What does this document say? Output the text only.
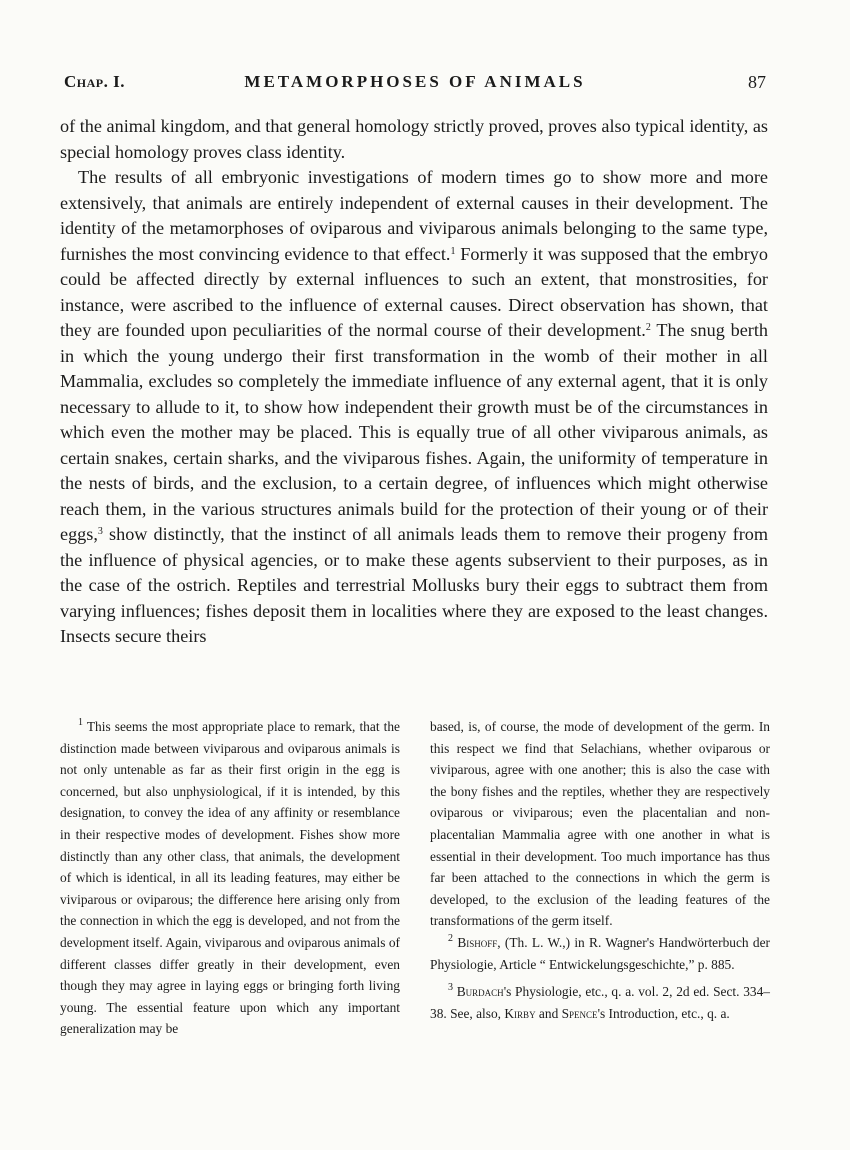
METAMORPHOSES OF ANIMALS
Chap. I.	87

of the animal kingdom, and that general homology strictly proved, proves also typical identity, as special homology proves class identity.

The results of all embryonic investigations of modern times go to show more and more extensively, that animals are entirely independent of external causes in their development. The identity of the metamorphoses of oviparous and viviparous animals belonging to the same type, furnishes the most convincing evidence to that effect.$^1$ Formerly it was supposed that the embryo could be affected directly by external influences to such an extent, that monstrosities, for instance, were ascribed to the influence of external causes. Direct observation has shown, that they are founded upon peculiarities of the normal course of their development.$^2$ The snug berth in which the young undergo their first transformation in the womb of their mother in all Mammalia, excludes so completely the immediate influence of any external agent, that it is only necessary to allude to it, to show how independent their growth must be of the circumstances in which even the mother may be placed. This is equally true of all other viviparous animals, as certain snakes, certain sharks, and the viviparous fishes. Again, the uniformity of temperature in the nests of birds, and the exclusion, to a certain degree, of influences which might otherwise reach them, in the various structures animals build for the protection of their young or of their eggs,$^3$ show distinctly, that the instinct of all animals leads them to remove their progeny from the influence of physical agencies, or to make these agents subservient to their purposes, as in the case of the ostrich. Reptiles and terrestrial Mollusks bury their eggs to subtract them from varying influences; fishes deposit them in localities where they are exposed to the least changes. Insects secure theirs

$^1$ This seems the most appropriate place to remark, that the distinction made between viviparous and oviparous animals is not only untenable as far as their first origin in the egg is concerned, but also unphysiological, if it is intended, by this designation, to convey the idea of any affinity or resemblance in their respective modes of development. Fishes show more distinctly than any other class, that animals, the development of which is identical, in all its leading features, may either be viviparous or oviparous; the difference here arising only from the connection in which the egg is developed, and not from the development itself. Again, viviparous and oviparous animals of different classes differ greatly in their development, even though they may agree in laying eggs or bringing forth living young. The essential feature upon which any important generalization may be

based, is, of course, the mode of development of the germ. In this respect we find that Selachians, whether oviparous or viviparous, agree with one another; this is also the case with the bony fishes and the reptiles, whether they are respectively oviparous or viviparous; even the placentalian and non-placentalian Mammalia agree with one another in what is essential in their development. Too much importance has thus far been attached to the connections in which the germ is developed, to the exclusion of the leading features of the transformations of the germ itself.

$^2$ Bishoff, (Th. L. W.,) in R. Wagner's Handwörterbuch der Physiologie, Article “ Entwickelungsgeschichte,” p. 885.

$^3$ Burdach's Physiologie, etc., q. a. vol. 2, 2d ed. Sect. 334–38. See, also, Kirby and Spence's Introduction, etc., q. a.
